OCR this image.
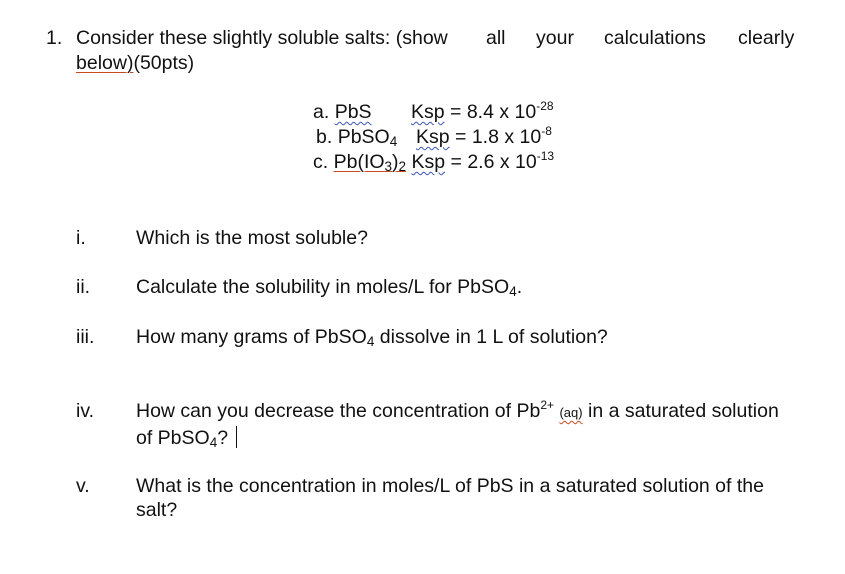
1. Consider these slightly soluble salts: (show all your calculations clearly
below)(50pts)
a. PbS Ksp = 8.4 x $10^{-28}$
b. PbSO4 Ksp = 1.8 x $10^{-8}$
c. Pb(IO3)2 Ksp = 2.6 x $10^{-13}$
i.	Which is the most soluble?
ii. Calculate the solubility in moles/L for PbSO4.
iii. How many grams of PbSO4 dissolve in 1 L of solution?
iv. How can you decrease the concentration of $Pb^{2+}$ (aq) in a saturated solution
of PbSO4?
v. What is the concentration in moles/L of PbS in a saturated solution of the
salt?
